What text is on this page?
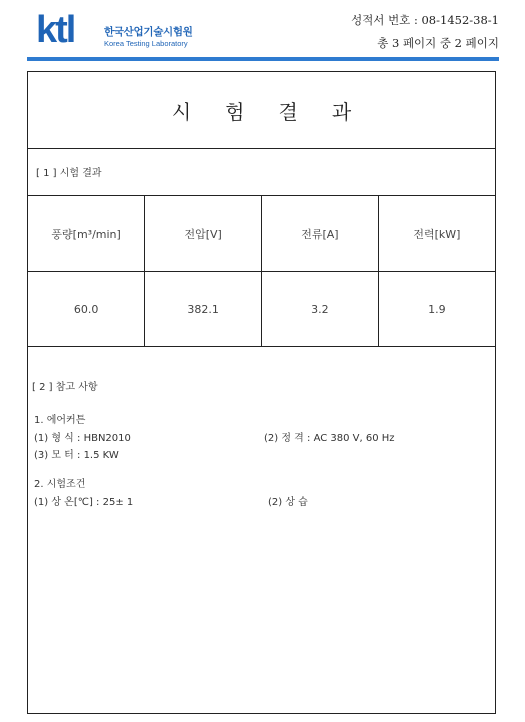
ktl	한국산업기술시험원
Korea Testing Laboratory
성적서 번호 : 08-1452-38-1
총 3 페이지 중 2 페이지
시험결과
[ 1 ] 시험 결과
풍량[m³/min]	전압[V]	전류[A]	전력[kW]
60.0	382.1	3.2	1.9
[ 2 ] 참고 사항
1. 에어커튼
(1) 형 식 : HBN2010	(2) 정 격 : AC 380 V, 60 Hz
(3) 모 터 : 1.5 KW
2. 시험조건
(1) 상 온[℃] : 25± 1	(2) 상 습
